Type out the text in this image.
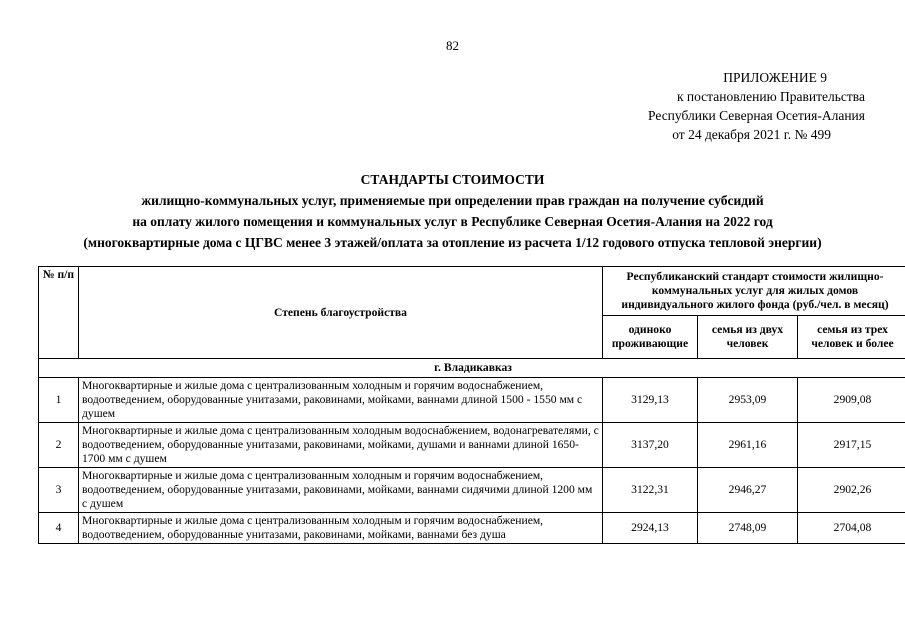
82
ПРИЛОЖЕНИЕ 9
к постановлению Правительства
Республики Северная Осетия-Алания
от 24 декабря 2021 г. № 499
СТАНДАРТЫ СТОИМОСТИ
жилищно-коммунальных услуг, применяемые при определении прав граждан на получение субсидий
на оплату жилого помещения и коммунальных услуг в Республике Северная Осетия-Алания на 2022 год
(многоквартирные дома с ЦГВС менее 3 этажей/оплата за отопление из расчета 1/12 годового отпуска тепловой энергии)
№ п/п	Степень благоустройства	Республиканский стандарт стоимости жилищно-коммунальных услуг для жилых домов индивидуального жилого фонда (руб./чел. в месяц)		
		одиноко проживающие	семья из двух человек	семья из трех человек и более
г. Владикавказ				
1	Многоквартирные и жилые дома с централизованным холодным и горячим водоснабжением, водоотведением, оборудованные унитазами, раковинами, мойками, ваннами длиной 1500 - 1550 мм с душем	3129,13	2953,09	2909,08
2	Многоквартирные и жилые дома с централизованным холодным водоснабжением, водонагревателями, с водоотведением, оборудованные унитазами, раковинами, мойками, душами и ваннами длиной 1650-1700 мм с душем	3137,20	2961,16	2917,15
3	Многоквартирные и жилые дома с централизованным холодным и горячим водоснабжением, водоотведением, оборудованные унитазами, раковинами, мойками, ваннами сидячими длиной 1200 мм с душем	3122,31	2946,27	2902,26
4	Многоквартирные и жилые дома с централизованным холодным и горячим водоснабжением, водоотведением, оборудованные унитазами, раковинами, мойками, ваннами без душа	2924,13	2748,09	2704,08
